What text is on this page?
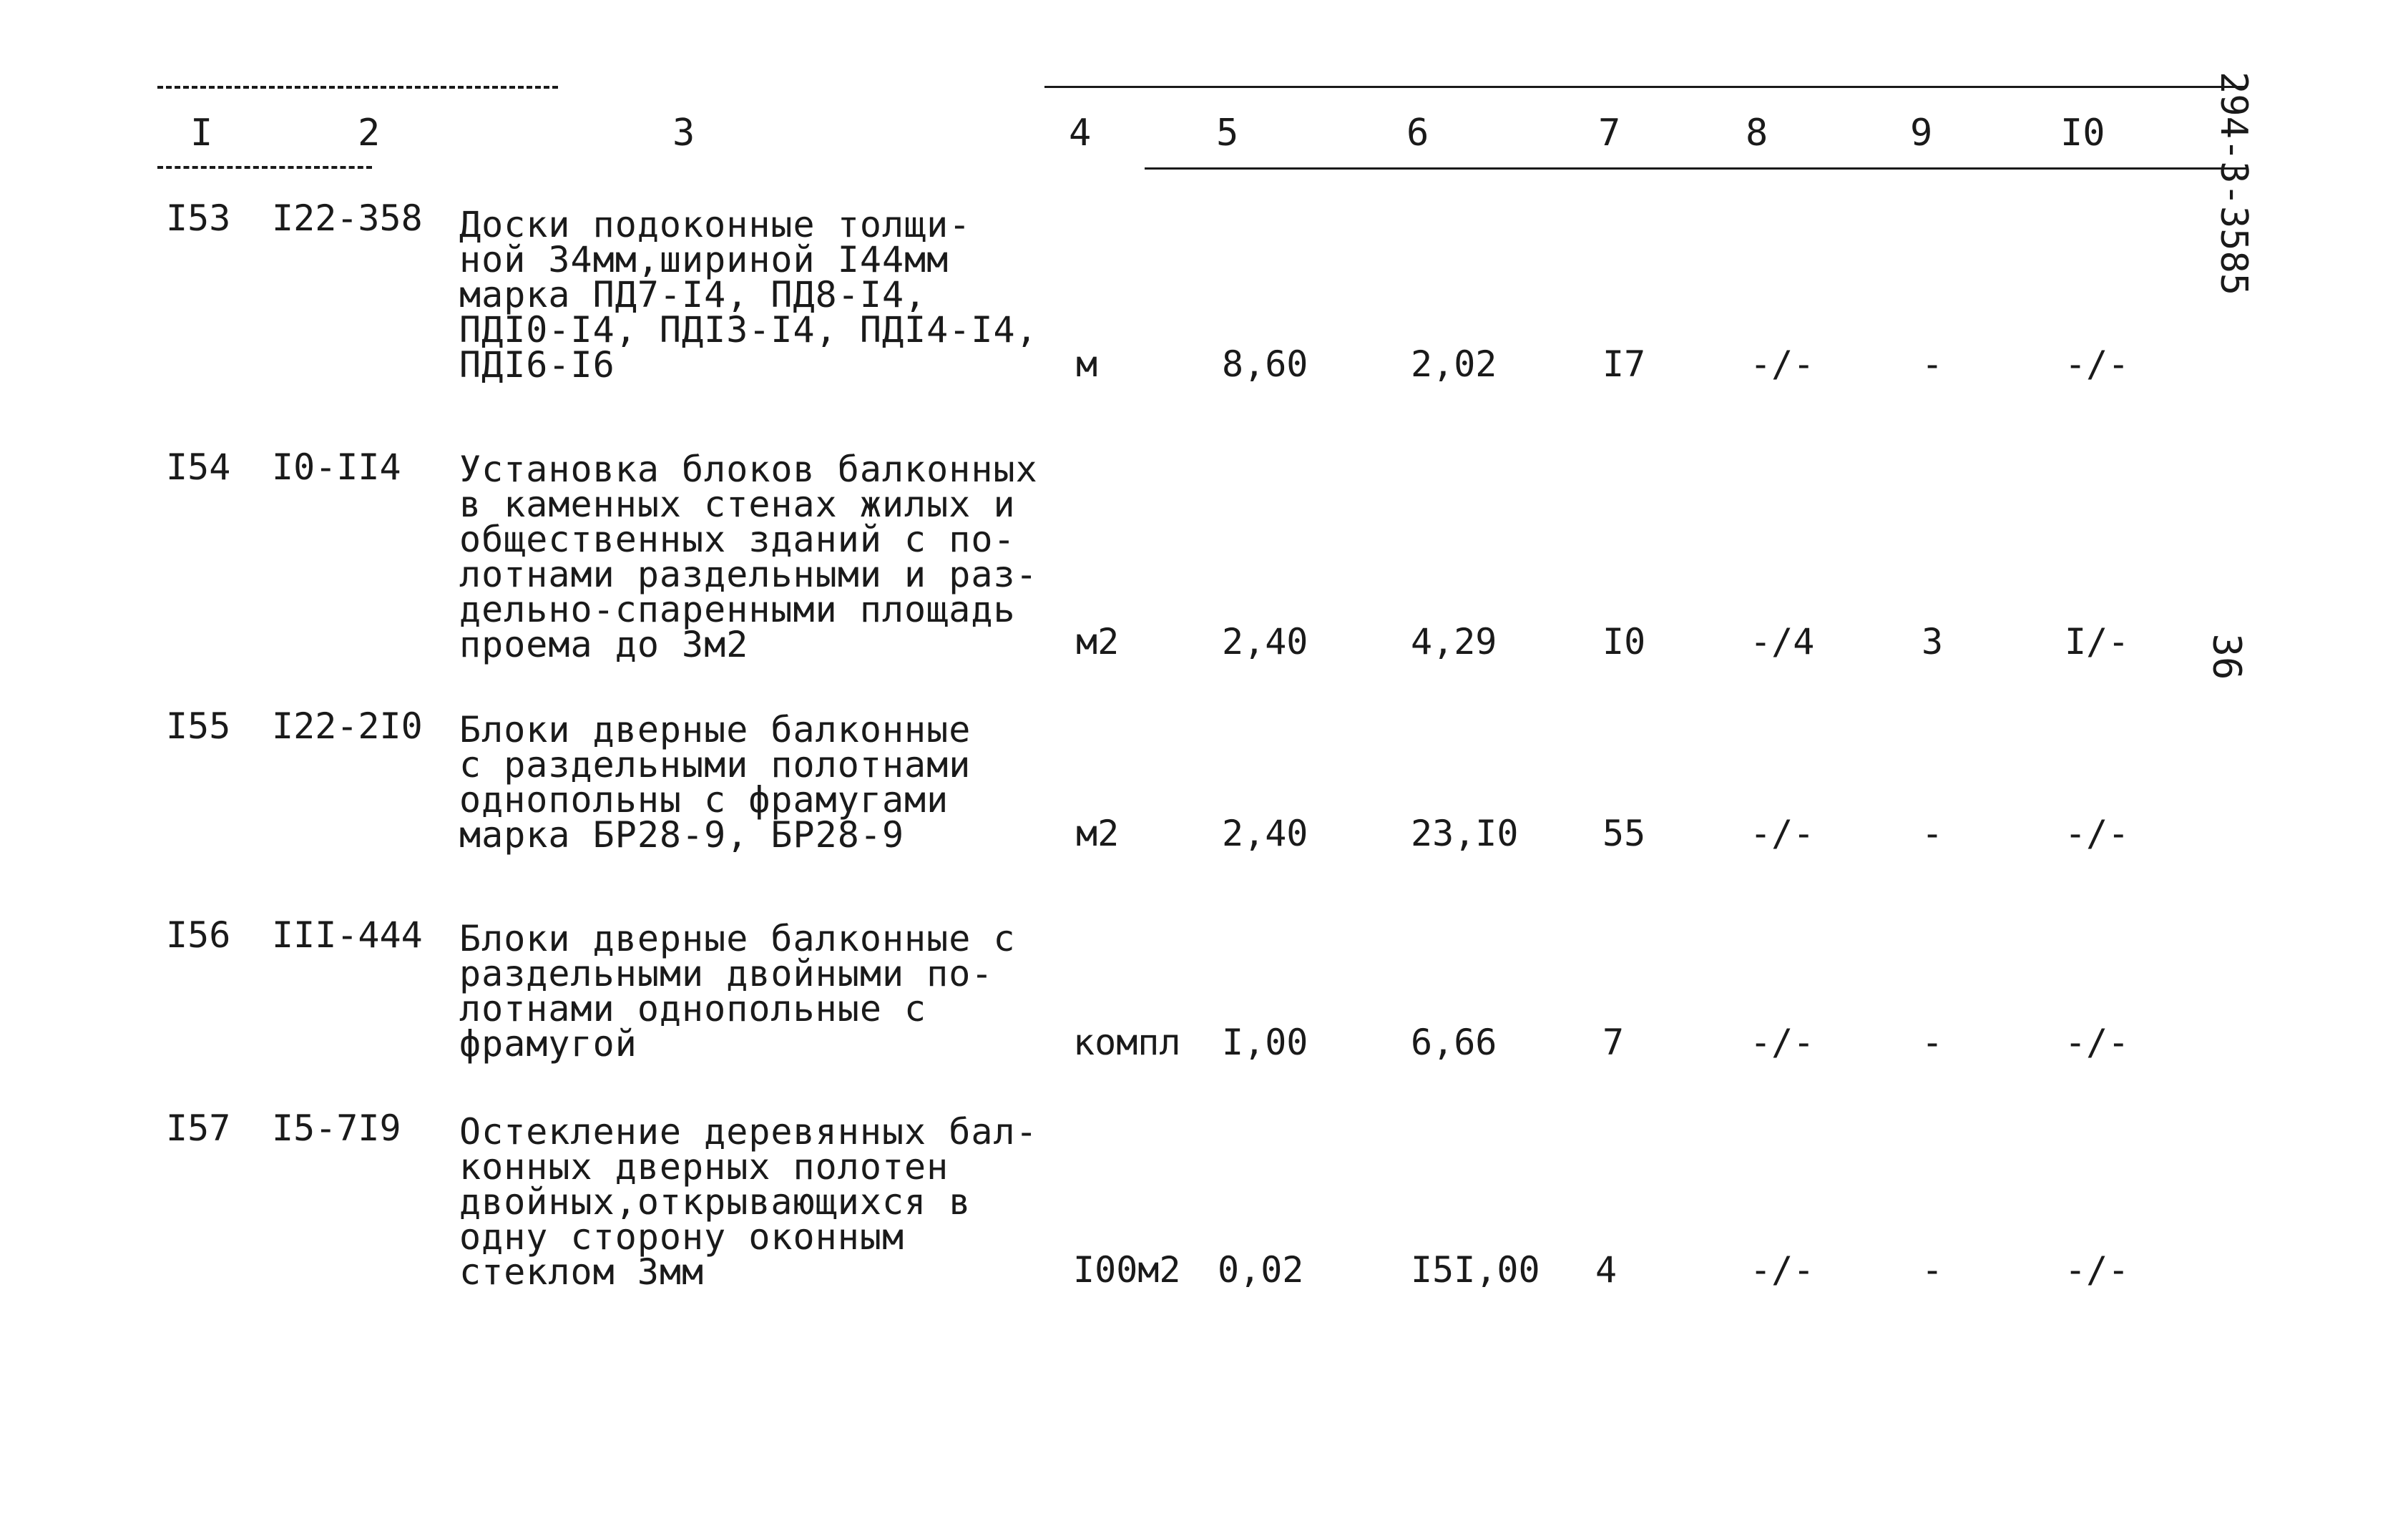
I	2	3	4	5	6	7	8	9	I0	294-3-3585
36
I53 I22-358 Доски подоконные толщи-
ной 34мм,шириной I44мм
марка ПД7-I4, ПД8-I4,
ПДI0-I4, ПДI3-I4, ПДI4-I4,
ПДI6-I6	м	8,60	2,02	I7	-/-	-	-/-
I54 I0-II4 Установка блоков балконных
в каменных стенах жилых и
общественных зданий с по-
лотнами раздельными и раз-
дельно-спаренными площадь
проема до 3м2	м2	2,40	4,29	I0	-/4	3	I/-
I55 I22-2I0 Блоки дверные балконные
с раздельными полотнами
однопольны с фрамугами
марка БР28-9, БР28-9	м2	2,40	23,I0 55	-/-	-	-/-
I56 III-444 Блоки дверные балконные с
раздельными двойными по-
лотнами однопольные с
фрамугой	компл I,00	6,66	7	-/-	-	-/-
I57 I5-7I9 Остекление деревянных бал-
конных дверных полотен
двойных,открывающихся в
одну сторону оконным
стеклом 3мм	I00м2 0,02	I5I,00 4	-/-	-	-/-
